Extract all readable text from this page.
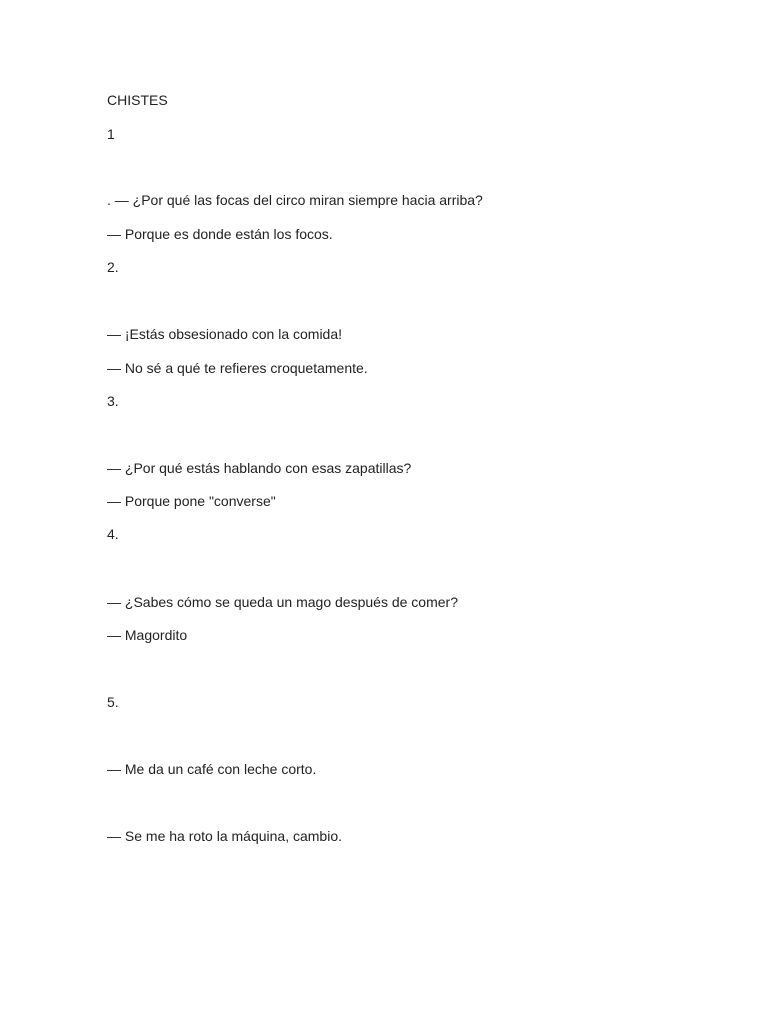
CHISTES
1
. — ¿Por qué las focas del circo miran siempre hacia arriba?
— Porque es donde están los focos.
2.
— ¡Estás obsesionado con la comida!
— No sé a qué te refieres croquetamente.
3.
— ¿Por qué estás hablando con esas zapatillas?
— Porque pone "converse"
4.
— ¿Sabes cómo se queda un mago después de comer?
— Magordito
5.
— Me da un café con leche corto.
— Se me ha roto la máquina, cambio.
